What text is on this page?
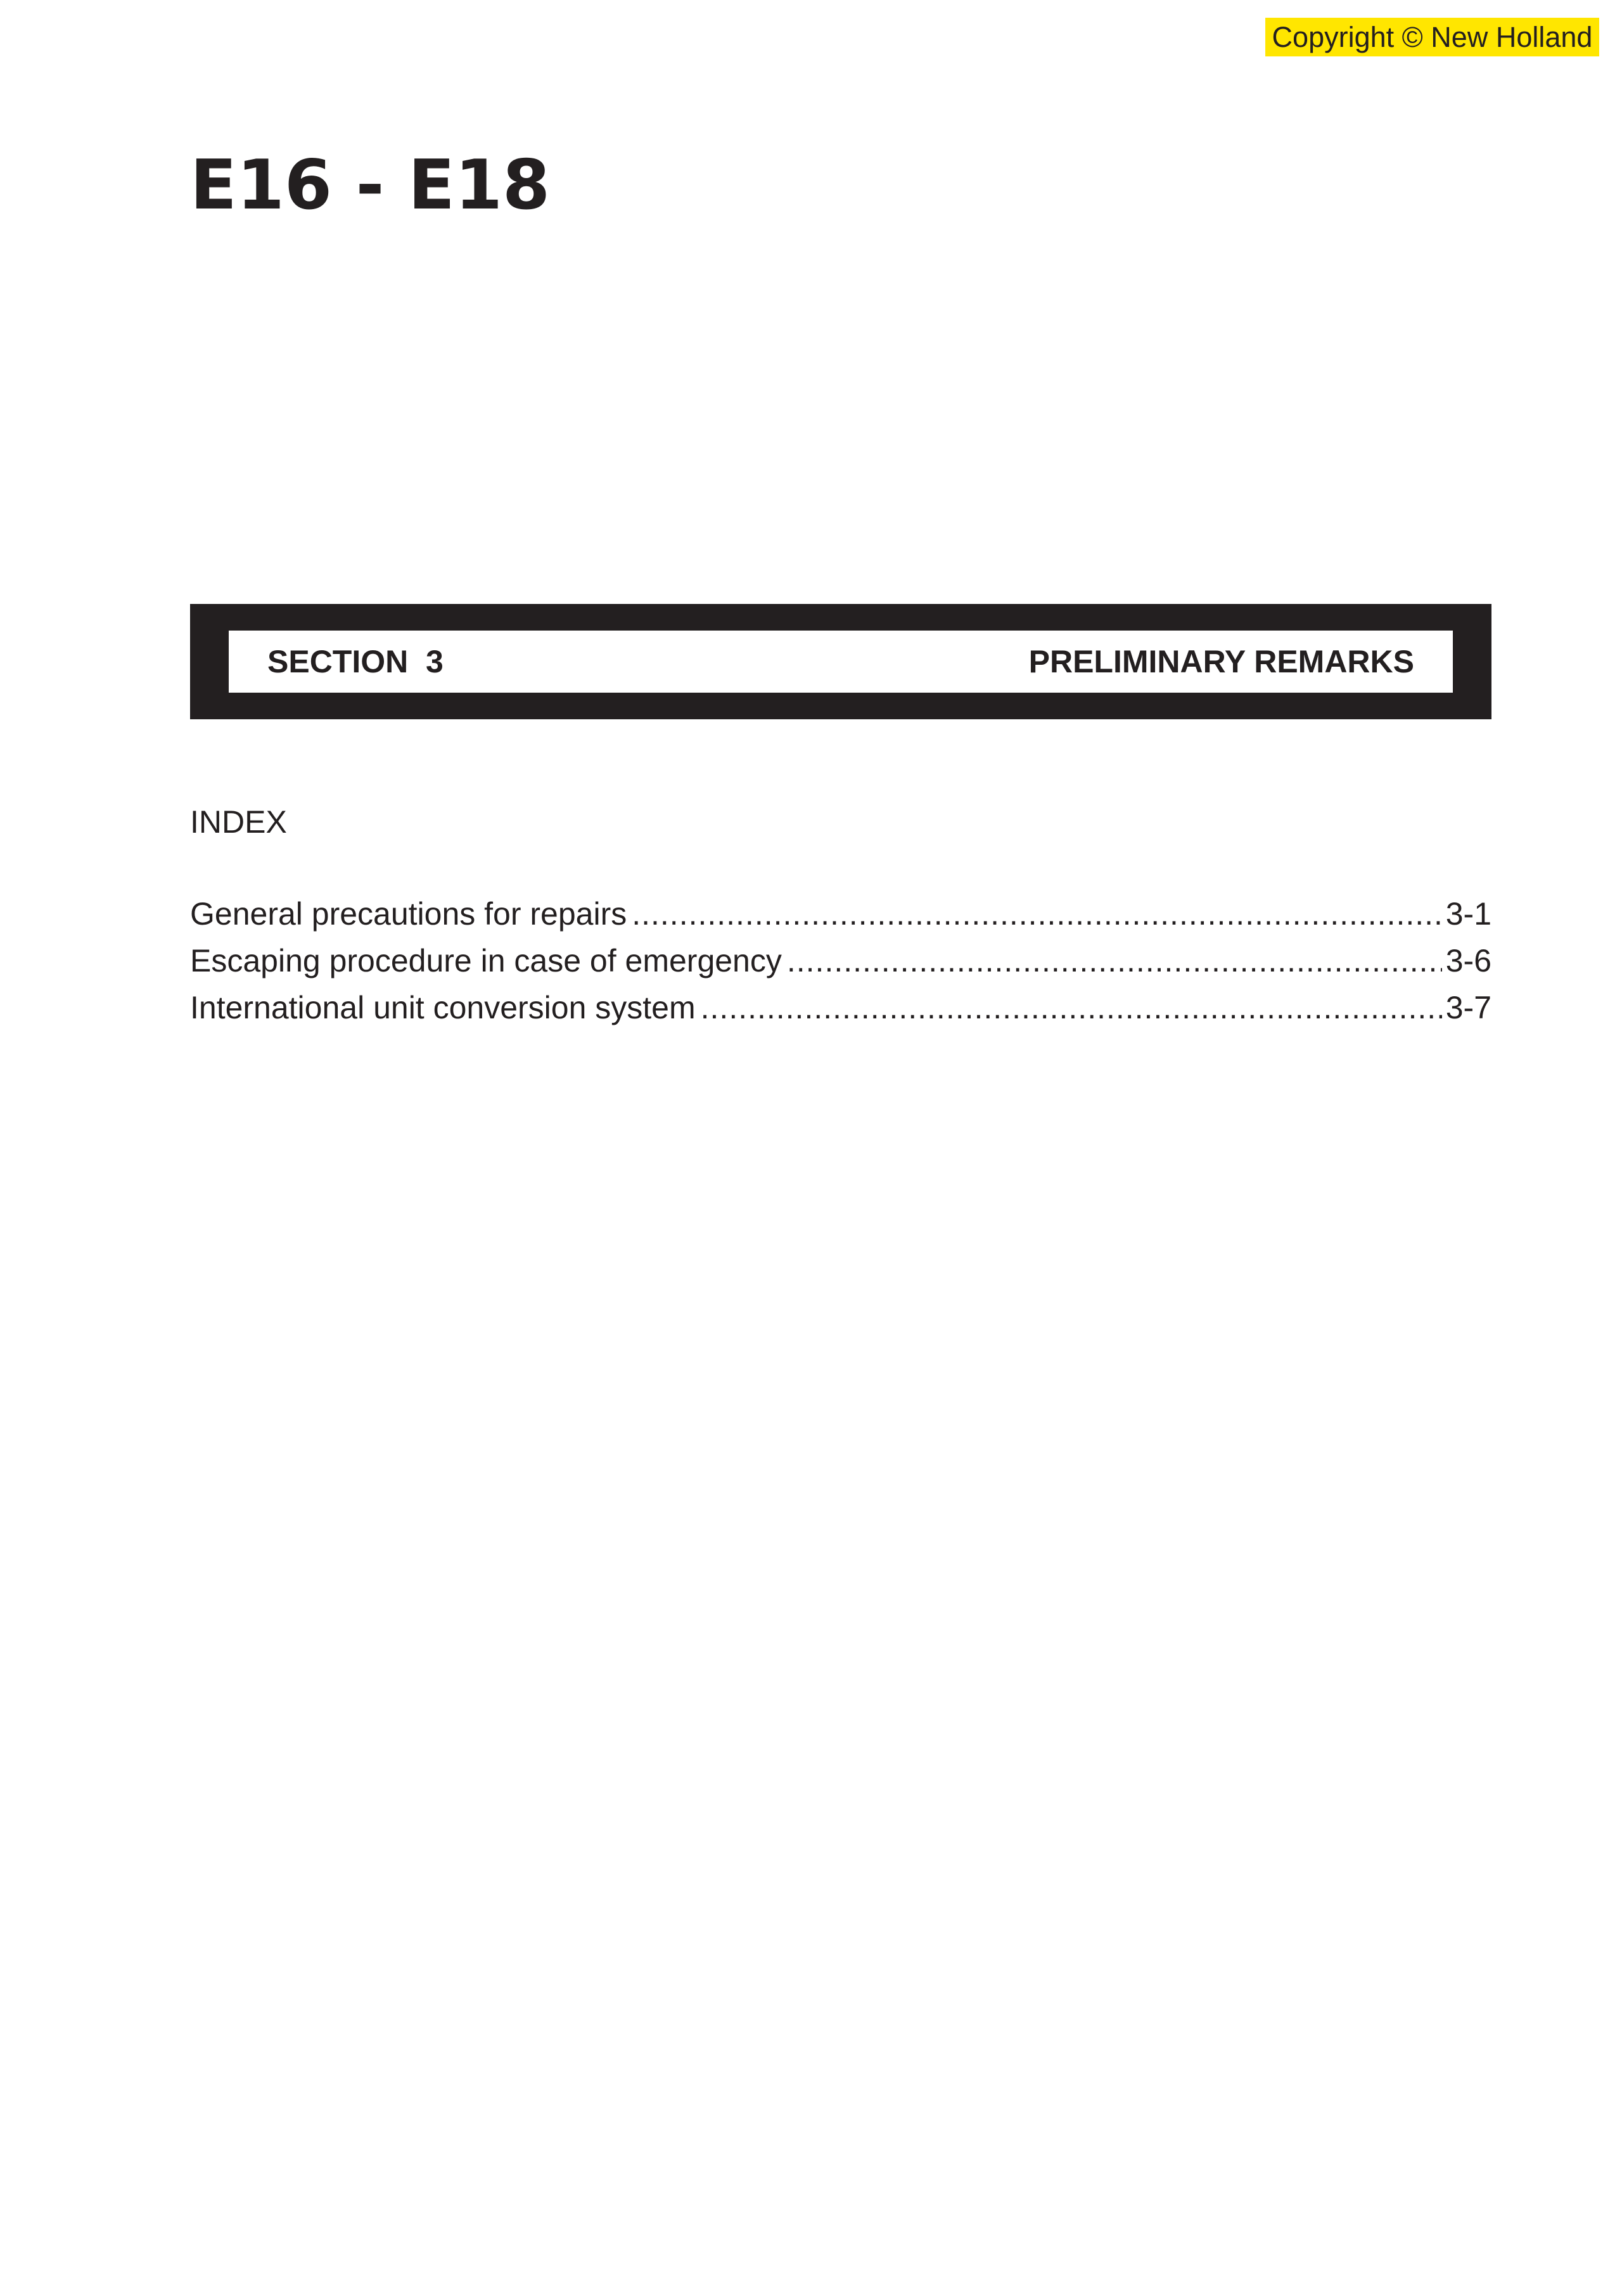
Copyright © New Holland
E16 - E18
SECTION  3	PRELIMINARY REMARKS
INDEX
General precautions for repairs .....	3-1
Escaping procedure in case of emergency .....	3-6
International unit conversion system .....	3-7
